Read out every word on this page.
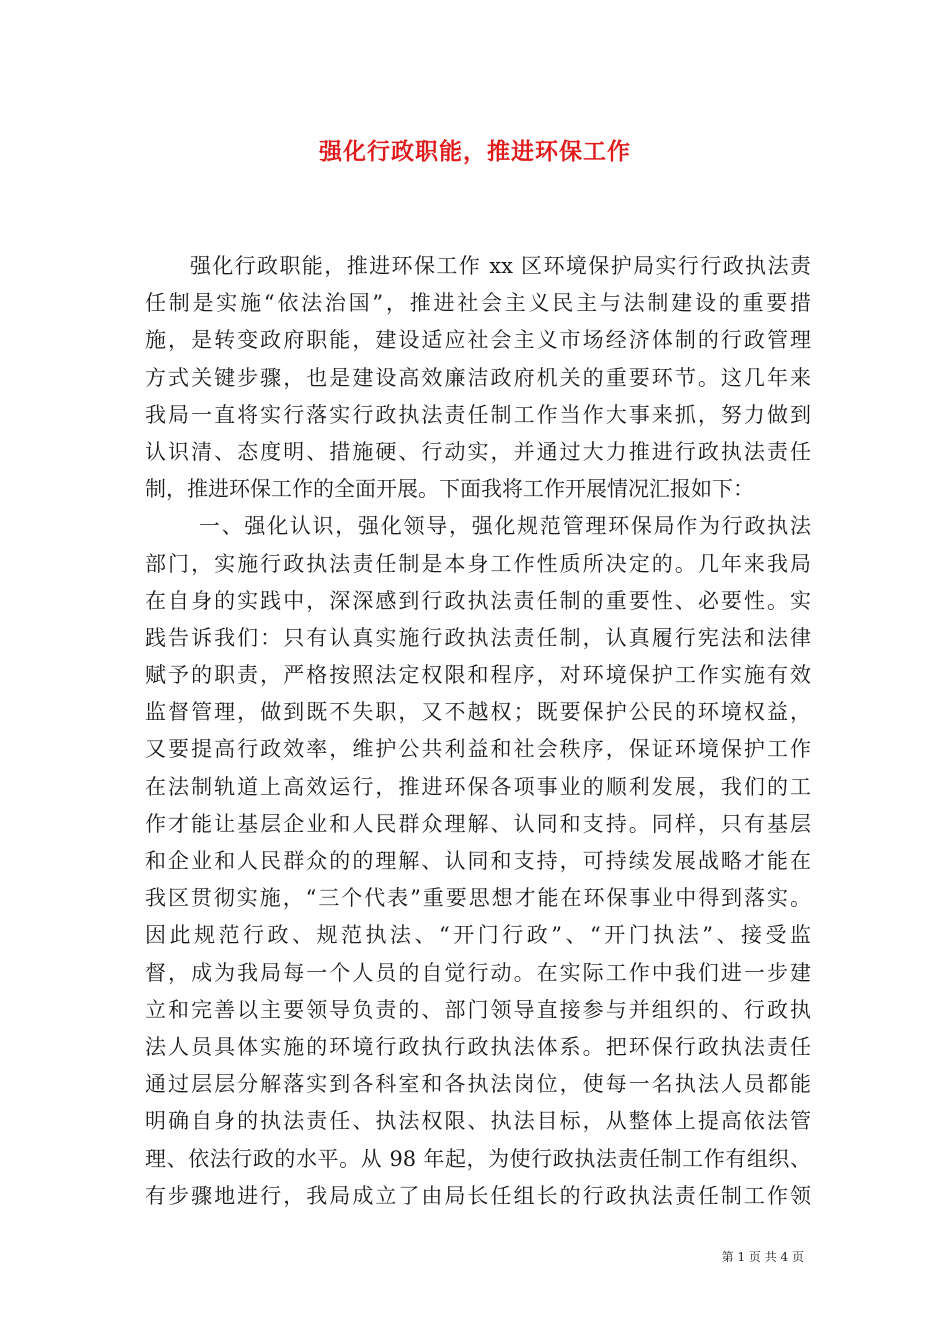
强化行政职能，推进环保工作
　　强化行政职能，推进环保工作 xx 区环境保护局实行行政执法责
任制是实施“依法治国”，推进社会主义民主与法制建设的重要措
施，是转变政府职能，建设适应社会主义市场经济体制的行政管理
方式关键步骤，也是建设高效廉洁政府机关的重要环节。这几年来
我局一直将实行落实行政执法责任制工作当作大事来抓，努力做到
认识清、态度明、措施硬、行动实，并通过大力推进行政执法责任
制，推进环保工作的全面开展。下面我将工作开展情况汇报如下：
　　 一、强化认识，强化领导，强化规范管理环保局作为行政执法
部门，实施行政执法责任制是本身工作性质所决定的。几年来我局
在自身的实践中，深深感到行政执法责任制的重要性、必要性。实
践告诉我们：只有认真实施行政执法责任制，认真履行宪法和法律
赋予的职责，严格按照法定权限和程序，对环境保护工作实施有效
监督管理，做到既不失职，又不越权；既要保护公民的环境权益，
又要提高行政效率，维护公共利益和社会秩序，保证环境保护工作
在法制轨道上高效运行，推进环保各项事业的顺利发展，我们的工
作才能让基层企业和人民群众理解、认同和支持。同样，只有基层
和企业和人民群众的的理解、认同和支持，可持续发展战略才能在
我区贯彻实施，“三个代表”重要思想才能在环保事业中得到落实。
因此规范行政、规范执法、“开门行政”、“开门执法”、接受监
督，成为我局每一个人员的自觉行动。在实际工作中我们进一步建
立和完善以主要领导负责的、部门领导直接参与并组织的、行政执
法人员具体实施的环境行政执行政执法体系。把环保行政执法责任
通过层层分解落实到各科室和各执法岗位，使每一名执法人员都能
明确自身的执法责任、执法权限、执法目标，从整体上提高依法管
理、依法行政的水平。从 98 年起，为使行政执法责任制工作有组织、
有步骤地进行，我局成立了由局长任组长的行政执法责任制工作领
第 1 页 共 4 页
